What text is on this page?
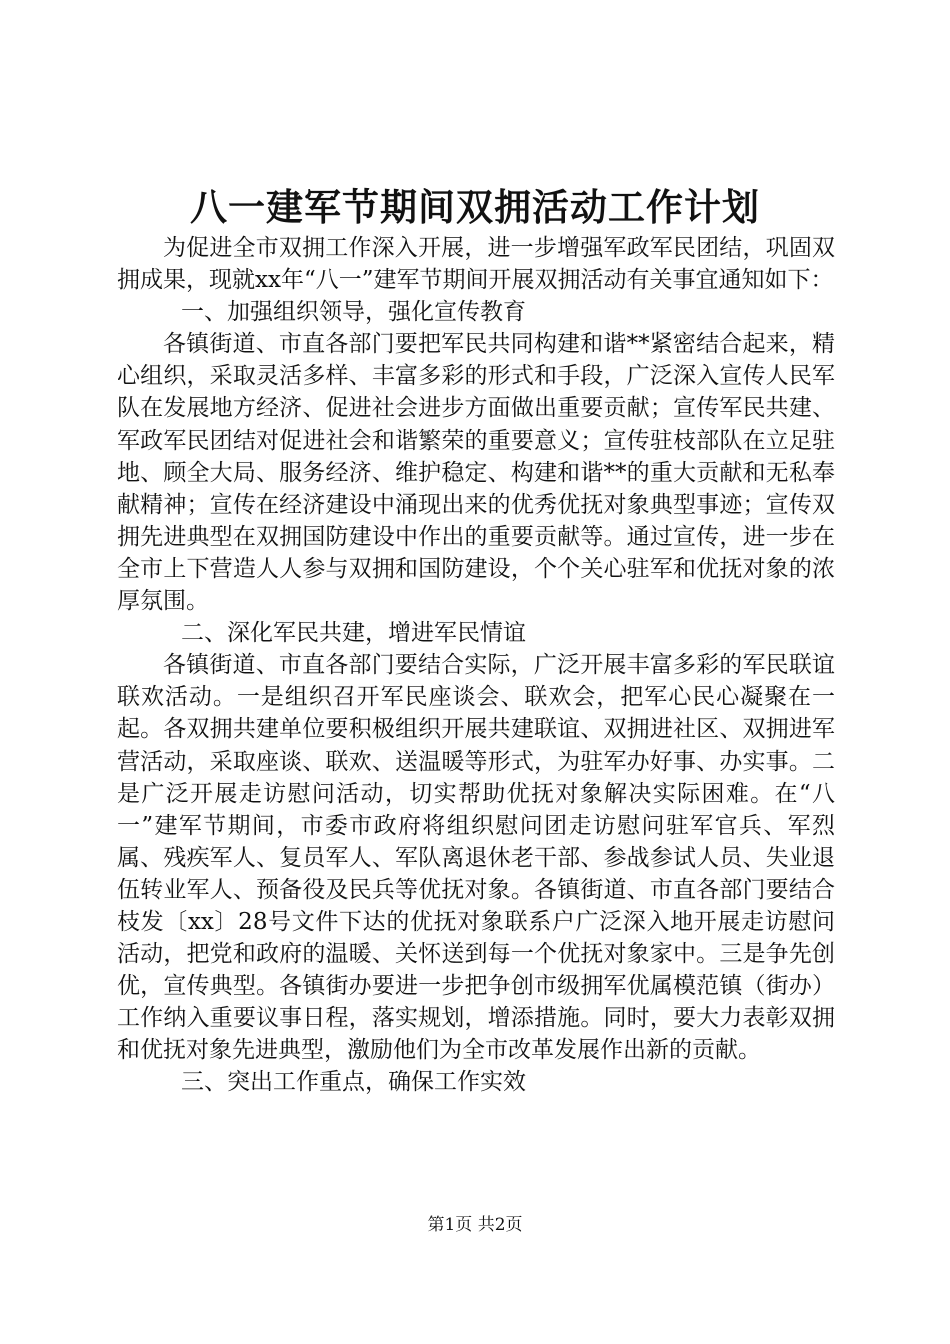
八一建军节期间双拥活动工作计划

为促进全市双拥工作深入开展，进一步增强军政军民团结，巩固双拥成果，现就xx年“八一”建军节期间开展双拥活动有关事宜通知如下：

一、加强组织领导，强化宣传教育

各镇街道、市直各部门要把军民共同构建和谐**紧密结合起来，精心组织，采取灵活多样、丰富多彩的形式和手段，广泛深入宣传人民军队在发展地方经济、促进社会进步方面做出重要贡献；宣传军民共建、军政军民团结对促进社会和谐繁荣的重要意义；宣传驻枝部队在立足驻地、顾全大局、服务经济、维护稳定、构建和谐**的重大贡献和无私奉献精神；宣传在经济建设中涌现出来的优秀优抚对象典型事迹；宣传双拥先进典型在双拥国防建设中作出的重要贡献等。通过宣传，进一步在全市上下营造人人参与双拥和国防建设，个个关心驻军和优抚对象的浓厚氛围。

二、深化军民共建，增进军民情谊

各镇街道、市直各部门要结合实际，广泛开展丰富多彩的军民联谊联欢活动。一是组织召开军民座谈会、联欢会，把军心民心凝聚在一起。各双拥共建单位要积极组织开展共建联谊、双拥进社区、双拥进军营活动，采取座谈、联欢、送温暖等形式，为驻军办好事、办实事。二是广泛开展走访慰问活动，切实帮助优抚对象解决实际困难。在“八一”建军节期间，市委市政府将组织慰问团走访慰问驻军官兵、军烈属、残疾军人、复员军人、军队离退休老干部、参战参试人员、失业退伍转业军人、预备役及民兵等优抚对象。各镇街道、市直各部门要结合枝发〔xx〕28号文件下达的优抚对象联系户广泛深入地开展走访慰问活动，把党和政府的温暖、关怀送到每一个优抚对象家中。三是争先创优，宣传典型。各镇街办要进一步把争创市级拥军优属模范镇（街办）工作纳入重要议事日程，落实规划，增添措施。同时，要大力表彰双拥和优抚对象先进典型，激励他们为全市改革发展作出新的贡献。

三、突出工作重点，确保工作实效

第1页 共2页
